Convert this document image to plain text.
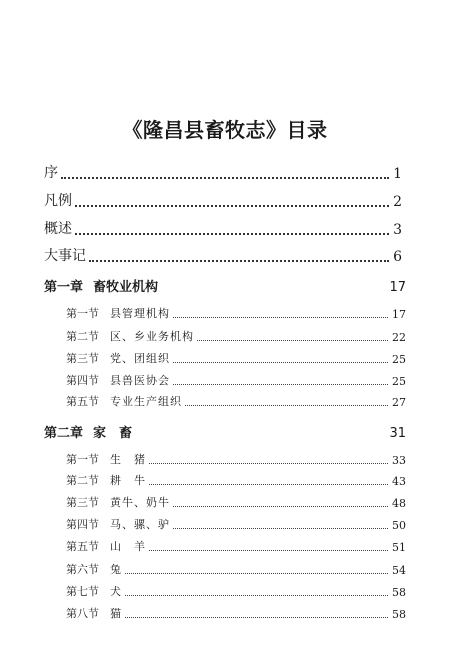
《隆昌县畜牧志》目录
序	1
凡例	2
概述	3
大事记	6
第一章 畜牧业机构	17
第一节 县管理机构	17
第二节 区、乡业务机构	22
第三节 党、团组织	25
第四节 县兽医协会	25
第五节 专业生产组织	27
第二章 家　畜	31
第一节 生　猪	33
第二节 耕　牛	43
第三节 黄牛、奶牛	48
第四节 马、骡、驴	50
第五节 山　羊	51
第六节 兔	54
第七节 犬	58
第八节 猫	58
